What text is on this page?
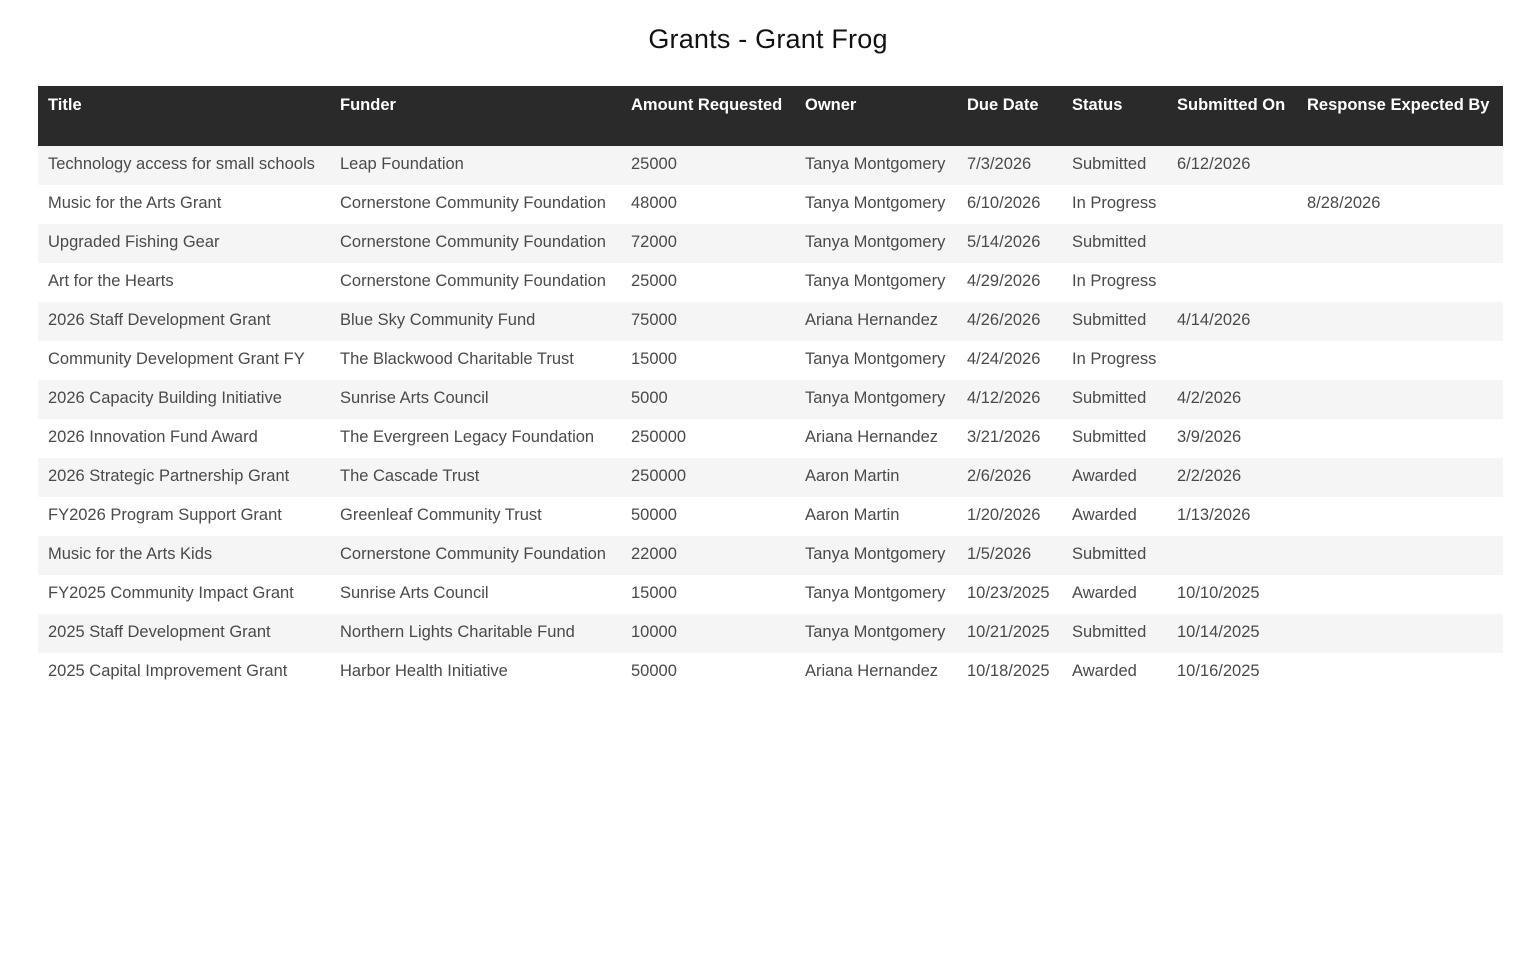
Grants - Grant Frog
Title	Funder	Amount Requested	Owner	Due Date	Status	Submitted On	Response Expected By
Technology access for small schools	Leap Foundation	25000	Tanya Montgomery	7/3/2026	Submitted	6/12/2026	
Music for the Arts Grant	Cornerstone Community Foundation	48000	Tanya Montgomery	6/10/2026	In Progress		8/28/2026
Upgraded Fishing Gear	Cornerstone Community Foundation	72000	Tanya Montgomery	5/14/2026	Submitted		
Art for the Hearts	Cornerstone Community Foundation	25000	Tanya Montgomery	4/29/2026	In Progress		
2026 Staff Development Grant	Blue Sky Community Fund	75000	Ariana Hernandez	4/26/2026	Submitted	4/14/2026	
Community Development Grant FY	The Blackwood Charitable Trust	15000	Tanya Montgomery	4/24/2026	In Progress		
2026 Capacity Building Initiative	Sunrise Arts Council	5000	Tanya Montgomery	4/12/2026	Submitted	4/2/2026	
2026 Innovation Fund Award	The Evergreen Legacy Foundation	250000	Ariana Hernandez	3/21/2026	Submitted	3/9/2026	
2026 Strategic Partnership Grant	The Cascade Trust	250000	Aaron Martin	2/6/2026	Awarded	2/2/2026	
FY2026 Program Support Grant	Greenleaf Community Trust	50000	Aaron Martin	1/20/2026	Awarded	1/13/2026	
Music for the Arts Kids	Cornerstone Community Foundation	22000	Tanya Montgomery	1/5/2026	Submitted		
FY2025 Community Impact Grant	Sunrise Arts Council	15000	Tanya Montgomery	10/23/2025	Awarded	10/10/2025	
2025 Staff Development Grant	Northern Lights Charitable Fund	10000	Tanya Montgomery	10/21/2025	Submitted	10/14/2025	
2025 Capital Improvement Grant	Harbor Health Initiative	50000	Ariana Hernandez	10/18/2025	Awarded	10/16/2025	
